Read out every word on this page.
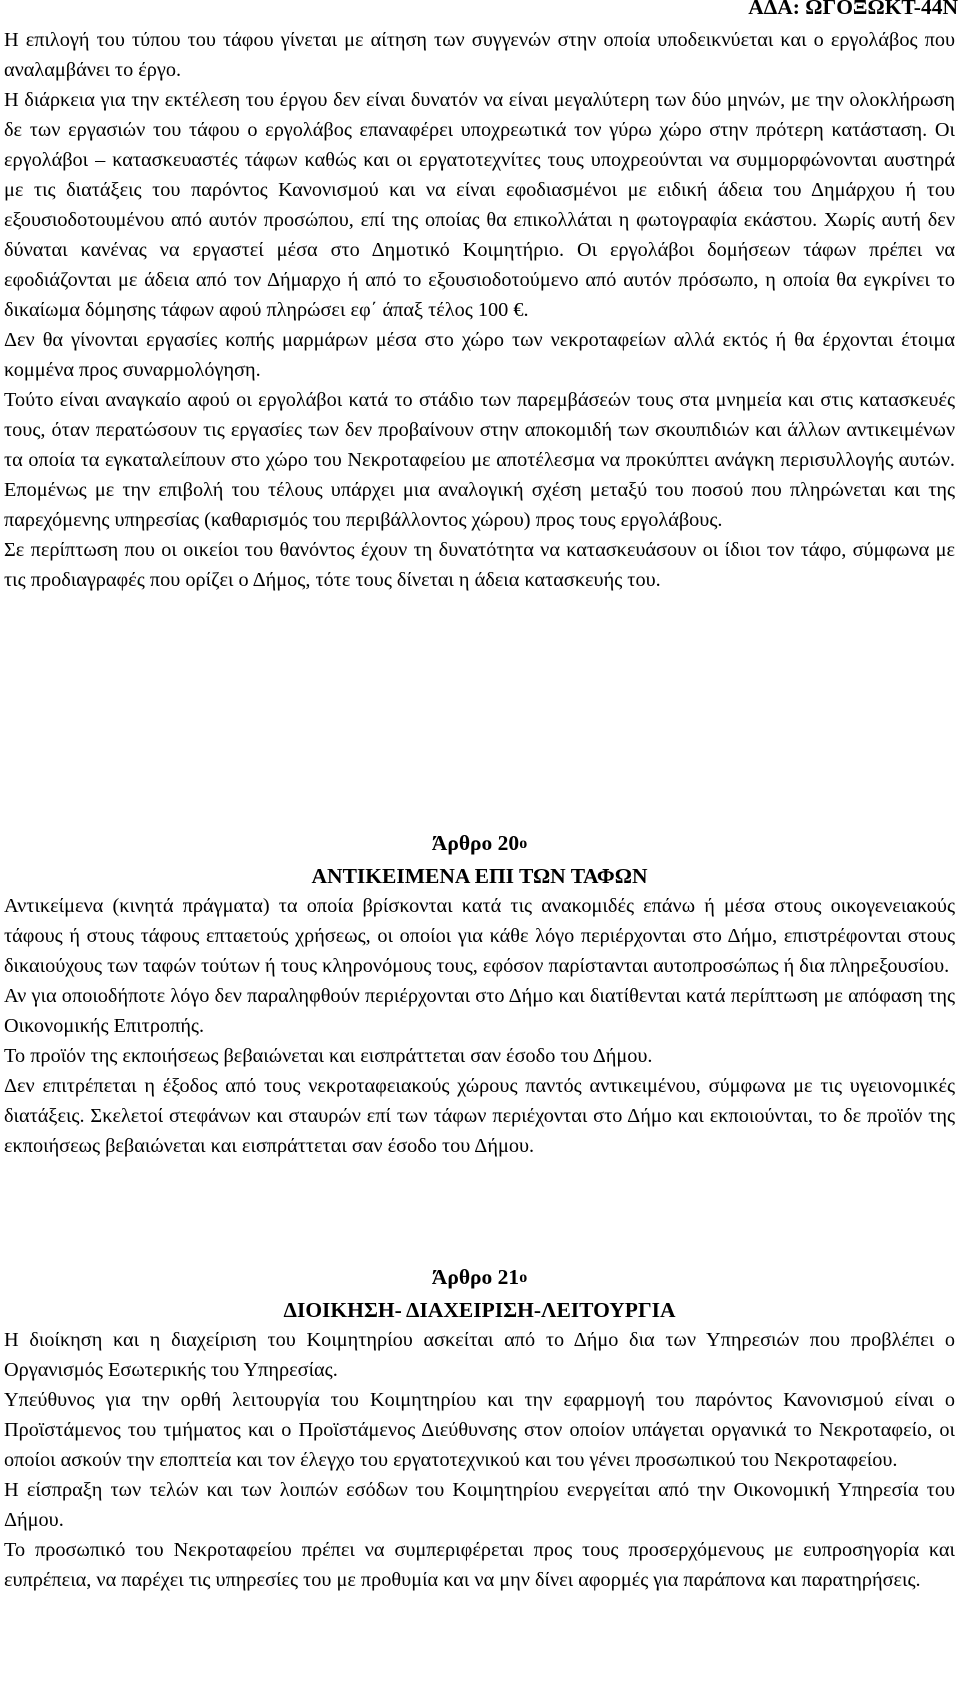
ΑΔΑ: ΩΓΟΞΩΚΤ-44Ν

Η επιλογή του τύπου του τάφου γίνεται με αίτηση των συγγενών στην οποία υποδεικνύεται και ο εργολάβος που αναλαμβάνει το έργο.

Η διάρκεια για την εκτέλεση του έργου δεν είναι δυνατόν να είναι μεγαλύτερη των δύο μηνών, με την ολοκλήρωση δε των εργασιών του τάφου ο εργολάβος επαναφέρει υποχρεωτικά τον γύρω χώρο στην πρότερη κατάσταση. Οι εργολάβοι – κατασκευαστές τάφων καθώς και οι εργατοτεχνίτες τους υποχρεούνται να συμμορφώνονται αυστηρά με τις διατάξεις του παρόντος Κανονισμού και να είναι εφοδιασμένοι με ειδική άδεια του Δημάρχου ή του εξουσιοδοτουμένου από αυτόν προσώπου, επί της οποίας θα επικολλάται η φωτογραφία εκάστου. Χωρίς αυτή δεν δύναται κανένας να εργαστεί μέσα στο Δημοτικό Κοιμητήριο. Οι εργολάβοι δομήσεων τάφων πρέπει να εφοδιάζονται με άδεια από τον Δήμαρχο ή από το εξουσιοδοτούμενο από αυτόν πρόσωπο, η οποία θα εγκρίνει το δικαίωμα δόμησης τάφων αφού πληρώσει εφ΄ άπαξ τέλος 100 €.

Δεν θα γίνονται εργασίες κοπής μαρμάρων μέσα στο χώρο των νεκροταφείων αλλά εκτός ή θα έρχονται έτοιμα κομμένα προς συναρμολόγηση.

Τούτο είναι αναγκαίο αφού οι εργολάβοι κατά το στάδιο των παρεμβάσεών τους στα μνημεία και στις κατασκευές τους, όταν περατώσουν τις εργασίες των δεν προβαίνουν στην αποκομιδή των σκουπιδιών και άλλων αντικειμένων τα οποία τα εγκαταλείπουν στο χώρο του Νεκροταφείου με αποτέλεσμα να προκύπτει ανάγκη περισυλλογής αυτών. Επομένως με την επιβολή του τέλους υπάρχει μια αναλογική σχέση μεταξύ του ποσού που πληρώνεται και της παρεχόμενης υπηρεσίας (καθαρισμός του περιβάλλοντος χώρου) προς τους εργολάβους.

Σε περίπτωση που οι οικείοι του θανόντος έχουν τη δυνατότητα να κατασκευάσουν οι ίδιοι τον τάφο, σύμφωνα με τις προδιαγραφές που ορίζει ο Δήμος, τότε τους δίνεται η άδεια κατασκευής του.

Άρθρο 20ο

ΑΝΤΙΚΕΙΜΕΝΑ ΕΠΙ ΤΩΝ ΤΑΦΩΝ

Αντικείμενα (κινητά πράγματα) τα οποία βρίσκονται κατά τις ανακομιδές επάνω ή μέσα στους οικογενειακούς τάφους ή στους τάφους επταετούς χρήσεως, οι οποίοι για κάθε λόγο περιέρχονται στο Δήμο, επιστρέφονται στους δικαιούχους των ταφών τούτων ή τους κληρονόμους τους, εφόσον παρίστανται αυτοπροσώπως ή δια πληρεξουσίου.

Αν για οποιοδήποτε λόγο δεν παραληφθούν περιέρχονται στο Δήμο και διατίθενται κατά περίπτωση με απόφαση της Οικονομικής Επιτροπής.

Το προϊόν της εκποιήσεως βεβαιώνεται και εισπράττεται σαν έσοδο του Δήμου.

Δεν επιτρέπεται η έξοδος από τους νεκροταφειακούς χώρους παντός αντικειμένου, σύμφωνα με τις υγειονομικές διατάξεις. Σκελετοί στεφάνων και σταυρών επί των τάφων περιέχονται στο Δήμο και εκποιούνται, το δε προϊόν της εκποιήσεως βεβαιώνεται και εισπράττεται σαν έσοδο του Δήμου.

Άρθρο 21ο

ΔΙΟΙΚΗΣΗ- ΔΙΑΧΕΙΡΙΣΗ-ΛΕΙΤΟΥΡΓΙΑ

Η διοίκηση και η διαχείριση του Κοιμητηρίου ασκείται από το Δήμο δια των Υπηρεσιών που προβλέπει ο Οργανισμός Εσωτερικής του Υπηρεσίας.

Υπεύθυνος για την ορθή λειτουργία του Κοιμητηρίου και την εφαρμογή του παρόντος Κανονισμού είναι ο Προϊστάμενος του τμήματος και ο Προϊστάμενος Διεύθυνσης στον οποίον υπάγεται οργανικά το Νεκροταφείο, οι οποίοι ασκούν την εποπτεία και τον έλεγχο του εργατοτεχνικού και του γένει προσωπικού του Νεκροταφείου.

Η είσπραξη των τελών και των λοιπών εσόδων του Κοιμητηρίου ενεργείται από την Οικονομική Υπηρεσία του Δήμου.

Το προσωπικό του Νεκροταφείου πρέπει να συμπεριφέρεται προς τους προσερχόμενους με ευπροσηγορία και ευπρέπεια, να παρέχει τις υπηρεσίες του με προθυμία και να μην δίνει αφορμές για παράπονα και παρατηρήσεις.
